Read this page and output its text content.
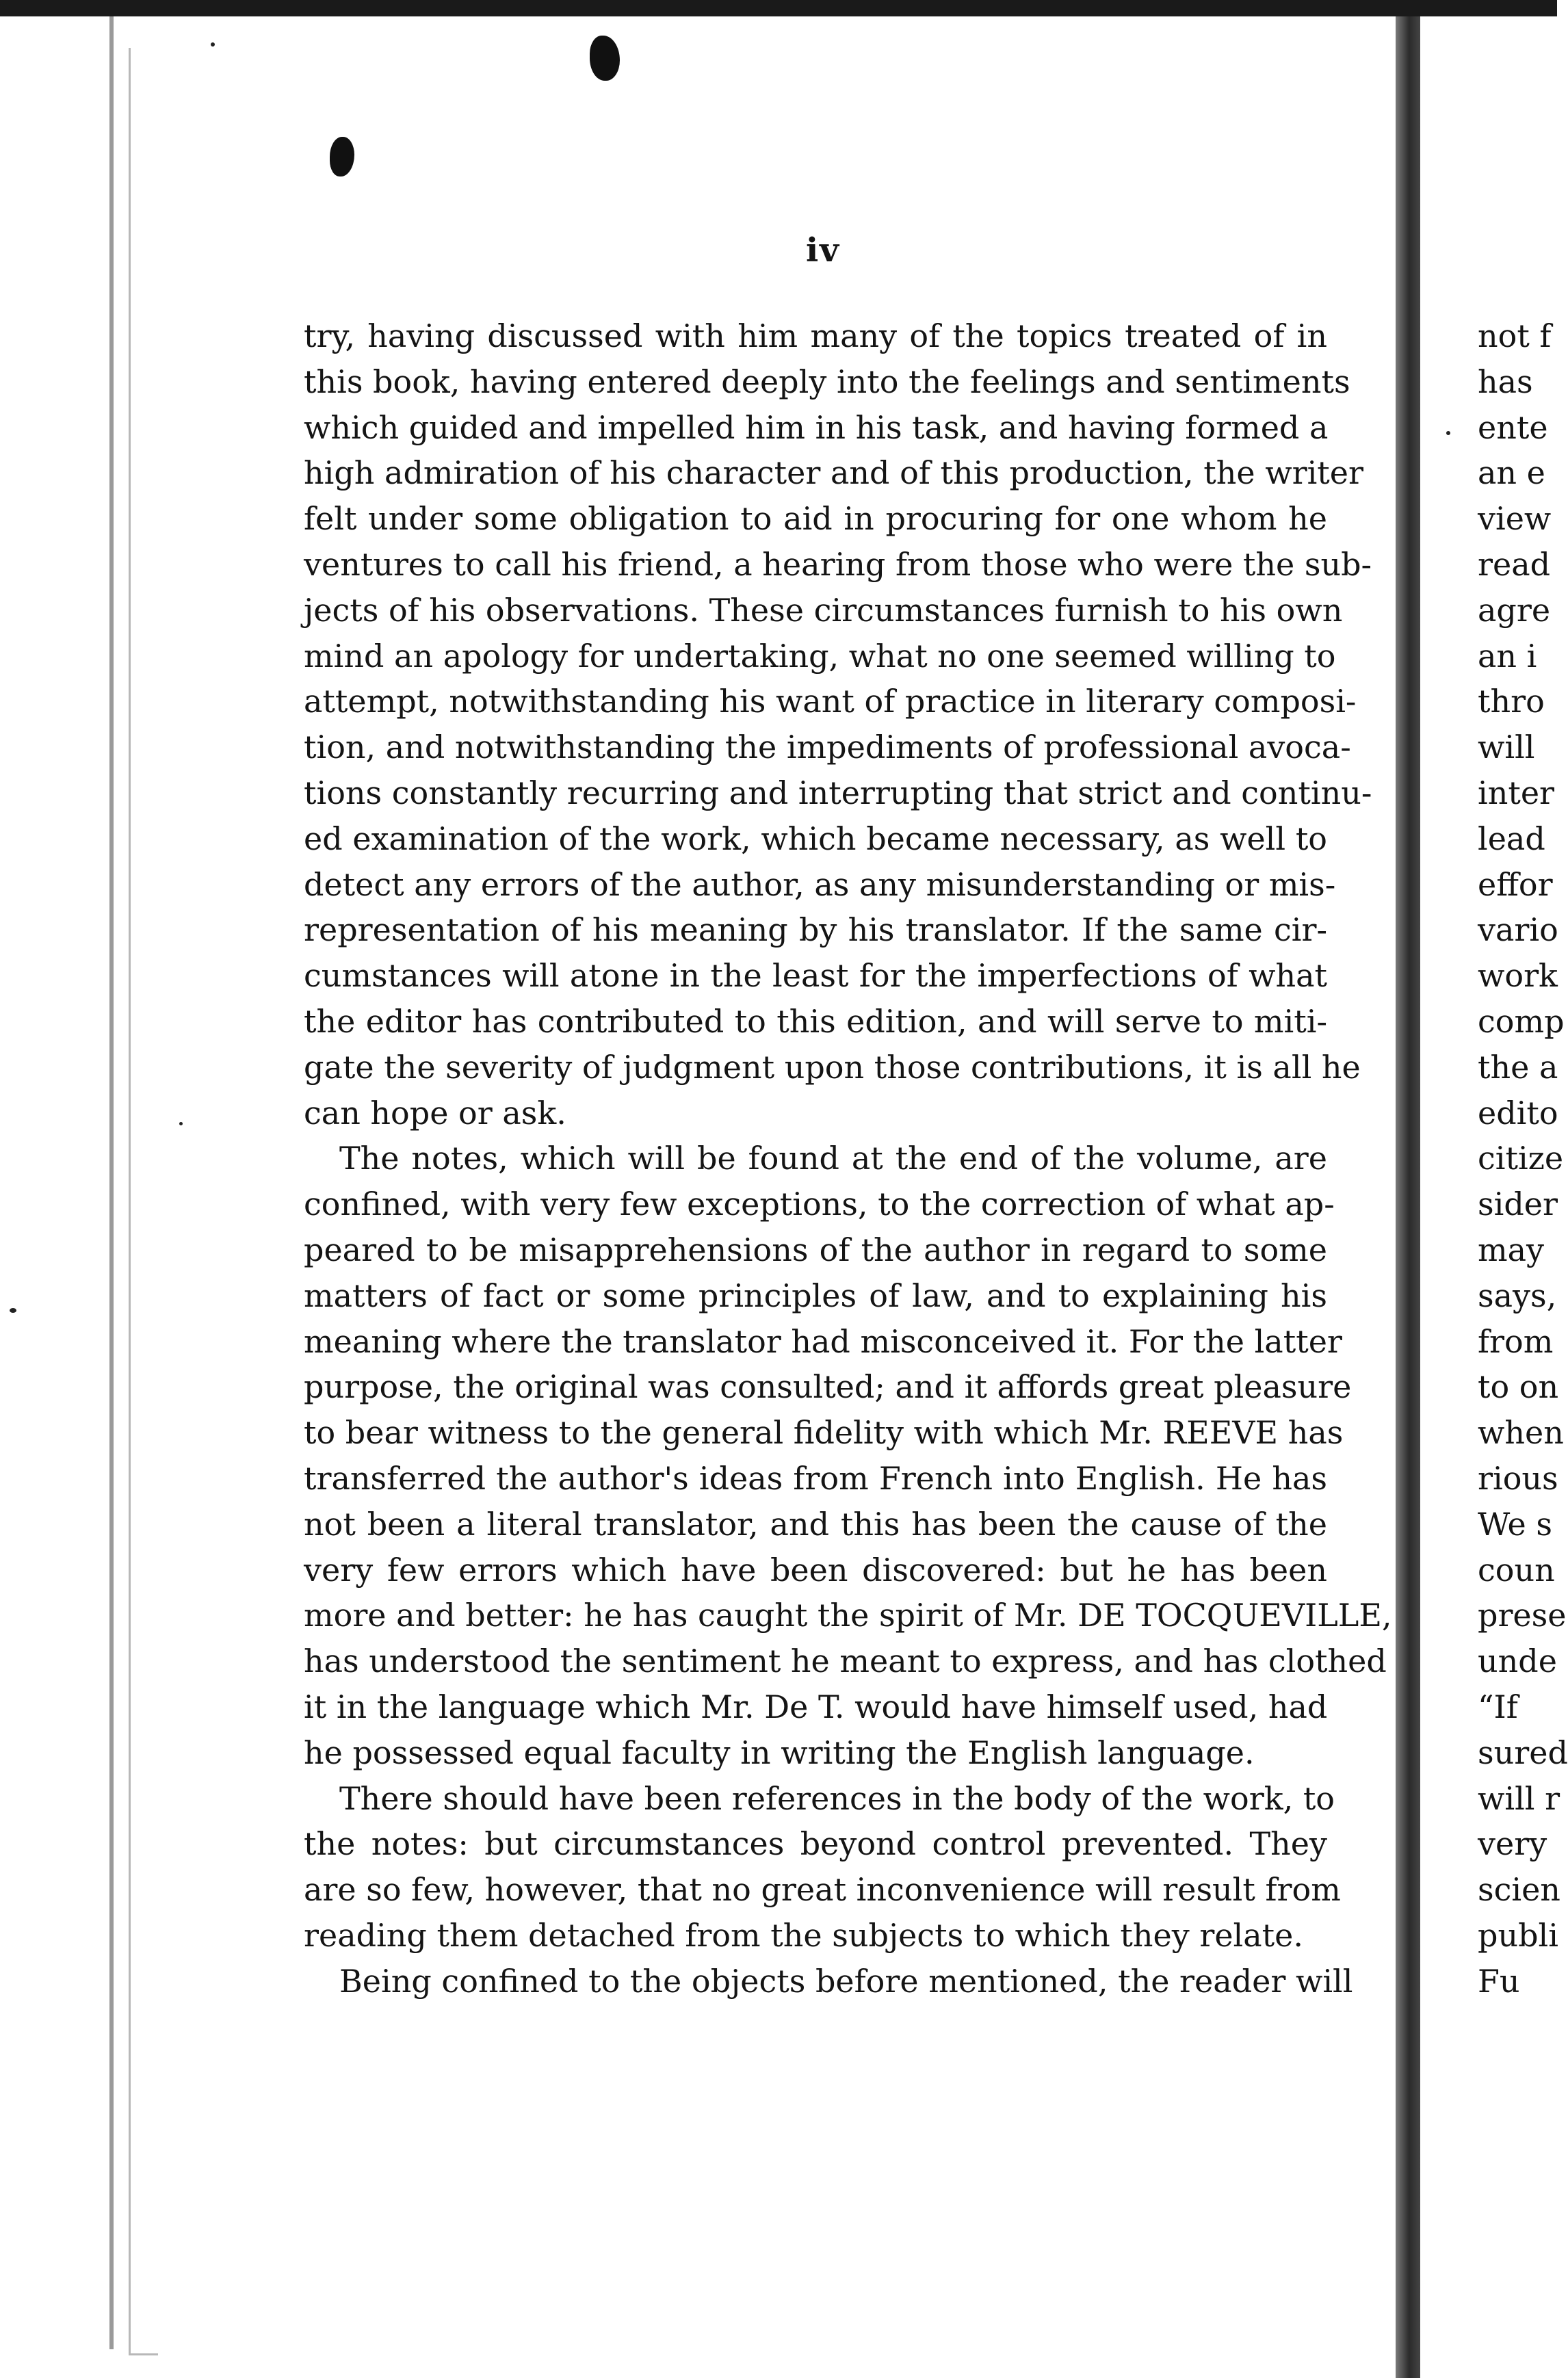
iv
try, having discussed with him many of the topics treated of in
this book, having entered deeply into the feelings and sentiments
which guided and impelled him in his task, and having formed a
high admiration of his character and of this production, the writer
felt under some obligation to aid in procuring for one whom he
ventures to call his friend, a hearing from those who were the sub-
jects of his observations. These circumstances furnish to his own
mind an apology for undertaking, what no one seemed willing to
attempt, notwithstanding his want of practice in literary composi-
tion, and notwithstanding the impediments of professional avoca-
tions constantly recurring and interrupting that strict and continu-
ed examination of the work, which became necessary, as well to
detect any errors of the author, as any misunderstanding or mis-
representation of his meaning by his translator. If the same cir-
cumstances will atone in the least for the imperfections of what
the editor has contributed to this edition, and will serve to miti-
gate the severity of judgment upon those contributions, it is all he
can hope or ask.
The notes, which will be found at the end of the volume, are
confined, with very few exceptions, to the correction of what ap-
peared to be misapprehensions of the author in regard to some
matters of fact or some principles of law, and to explaining his
meaning where the translator had misconceived it. For the latter
purpose, the original was consulted; and it affords great pleasure
to bear witness to the general fidelity with which Mr. REEVE has
transferred the author's ideas from French into English. He has
not been a literal translator, and this has been the cause of the
very few errors which have been discovered: but he has been
more and better: he has caught the spirit of Mr. DE TOCQUEVILLE,
has understood the sentiment he meant to express, and has clothed
it in the language which Mr. De T. would have himself used, had
he possessed equal faculty in writing the English language.
There should have been references in the body of the work, to
the notes: but circumstances beyond control prevented. They
are so few, however, that no great inconvenience will result from
reading them detached from the subjects to which they relate.
Being confined to the objects before mentioned, the reader will
not f
has
ente
an e
view
read
agre
an i
thro
will
inter
lead
effor
vario
work
comp
the a
edito
citize
sider
may
says,
from
to on
when
rious
We s
coun
prese
unde
“If
sured
will r
very
scien
publi
Fu
